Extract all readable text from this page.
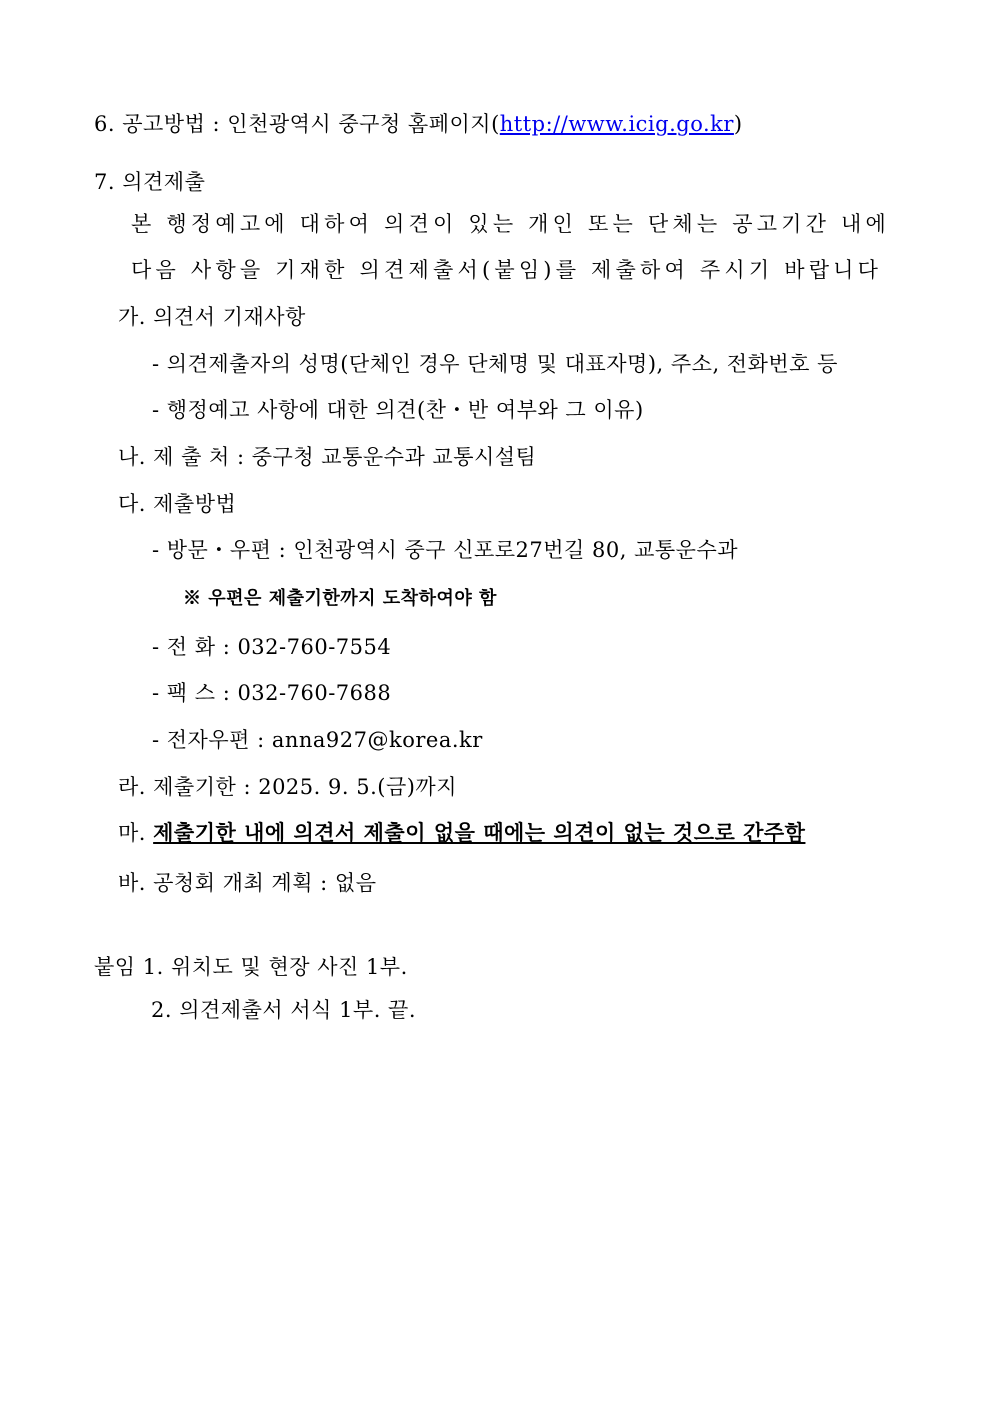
6. 공고방법 : 인천광역시 중구청 홈페이지(http://www.icig.go.kr)
7. 의견제출
본 행정예고에 대하여 의견이 있는 개인 또는 단체는 공고기간 내에
다음 사항을 기재한 의견제출서(붙임)를 제출하여 주시기 바랍니다
가. 의견서 기재사항
- 의견제출자의 성명(단체인 경우 단체명 및 대표자명), 주소, 전화번호 등
- 행정예고 사항에 대한 의견(찬・반 여부와 그 이유)
나. 제 출 처 : 중구청 교통운수과 교통시설팀
다. 제출방법
- 방문・우편 : 인천광역시 중구 신포로27번길 80, 교통운수과
※ 우편은 제출기한까지 도착하여야 함
- 전 화 : 032-760-7554
- 팩 스 : 032-760-7688
- 전자우편 : anna927@korea.kr
라. 제출기한 : 2025. 9. 5.(금)까지
마. 제출기한 내에 의견서 제출이 없을 때에는 의견이 없는 것으로 간주함
바. 공청회 개최 계획 : 없음
붙임 1. 위치도 및 현장 사진 1부.
2. 의견제출서 서식 1부. 끝.
